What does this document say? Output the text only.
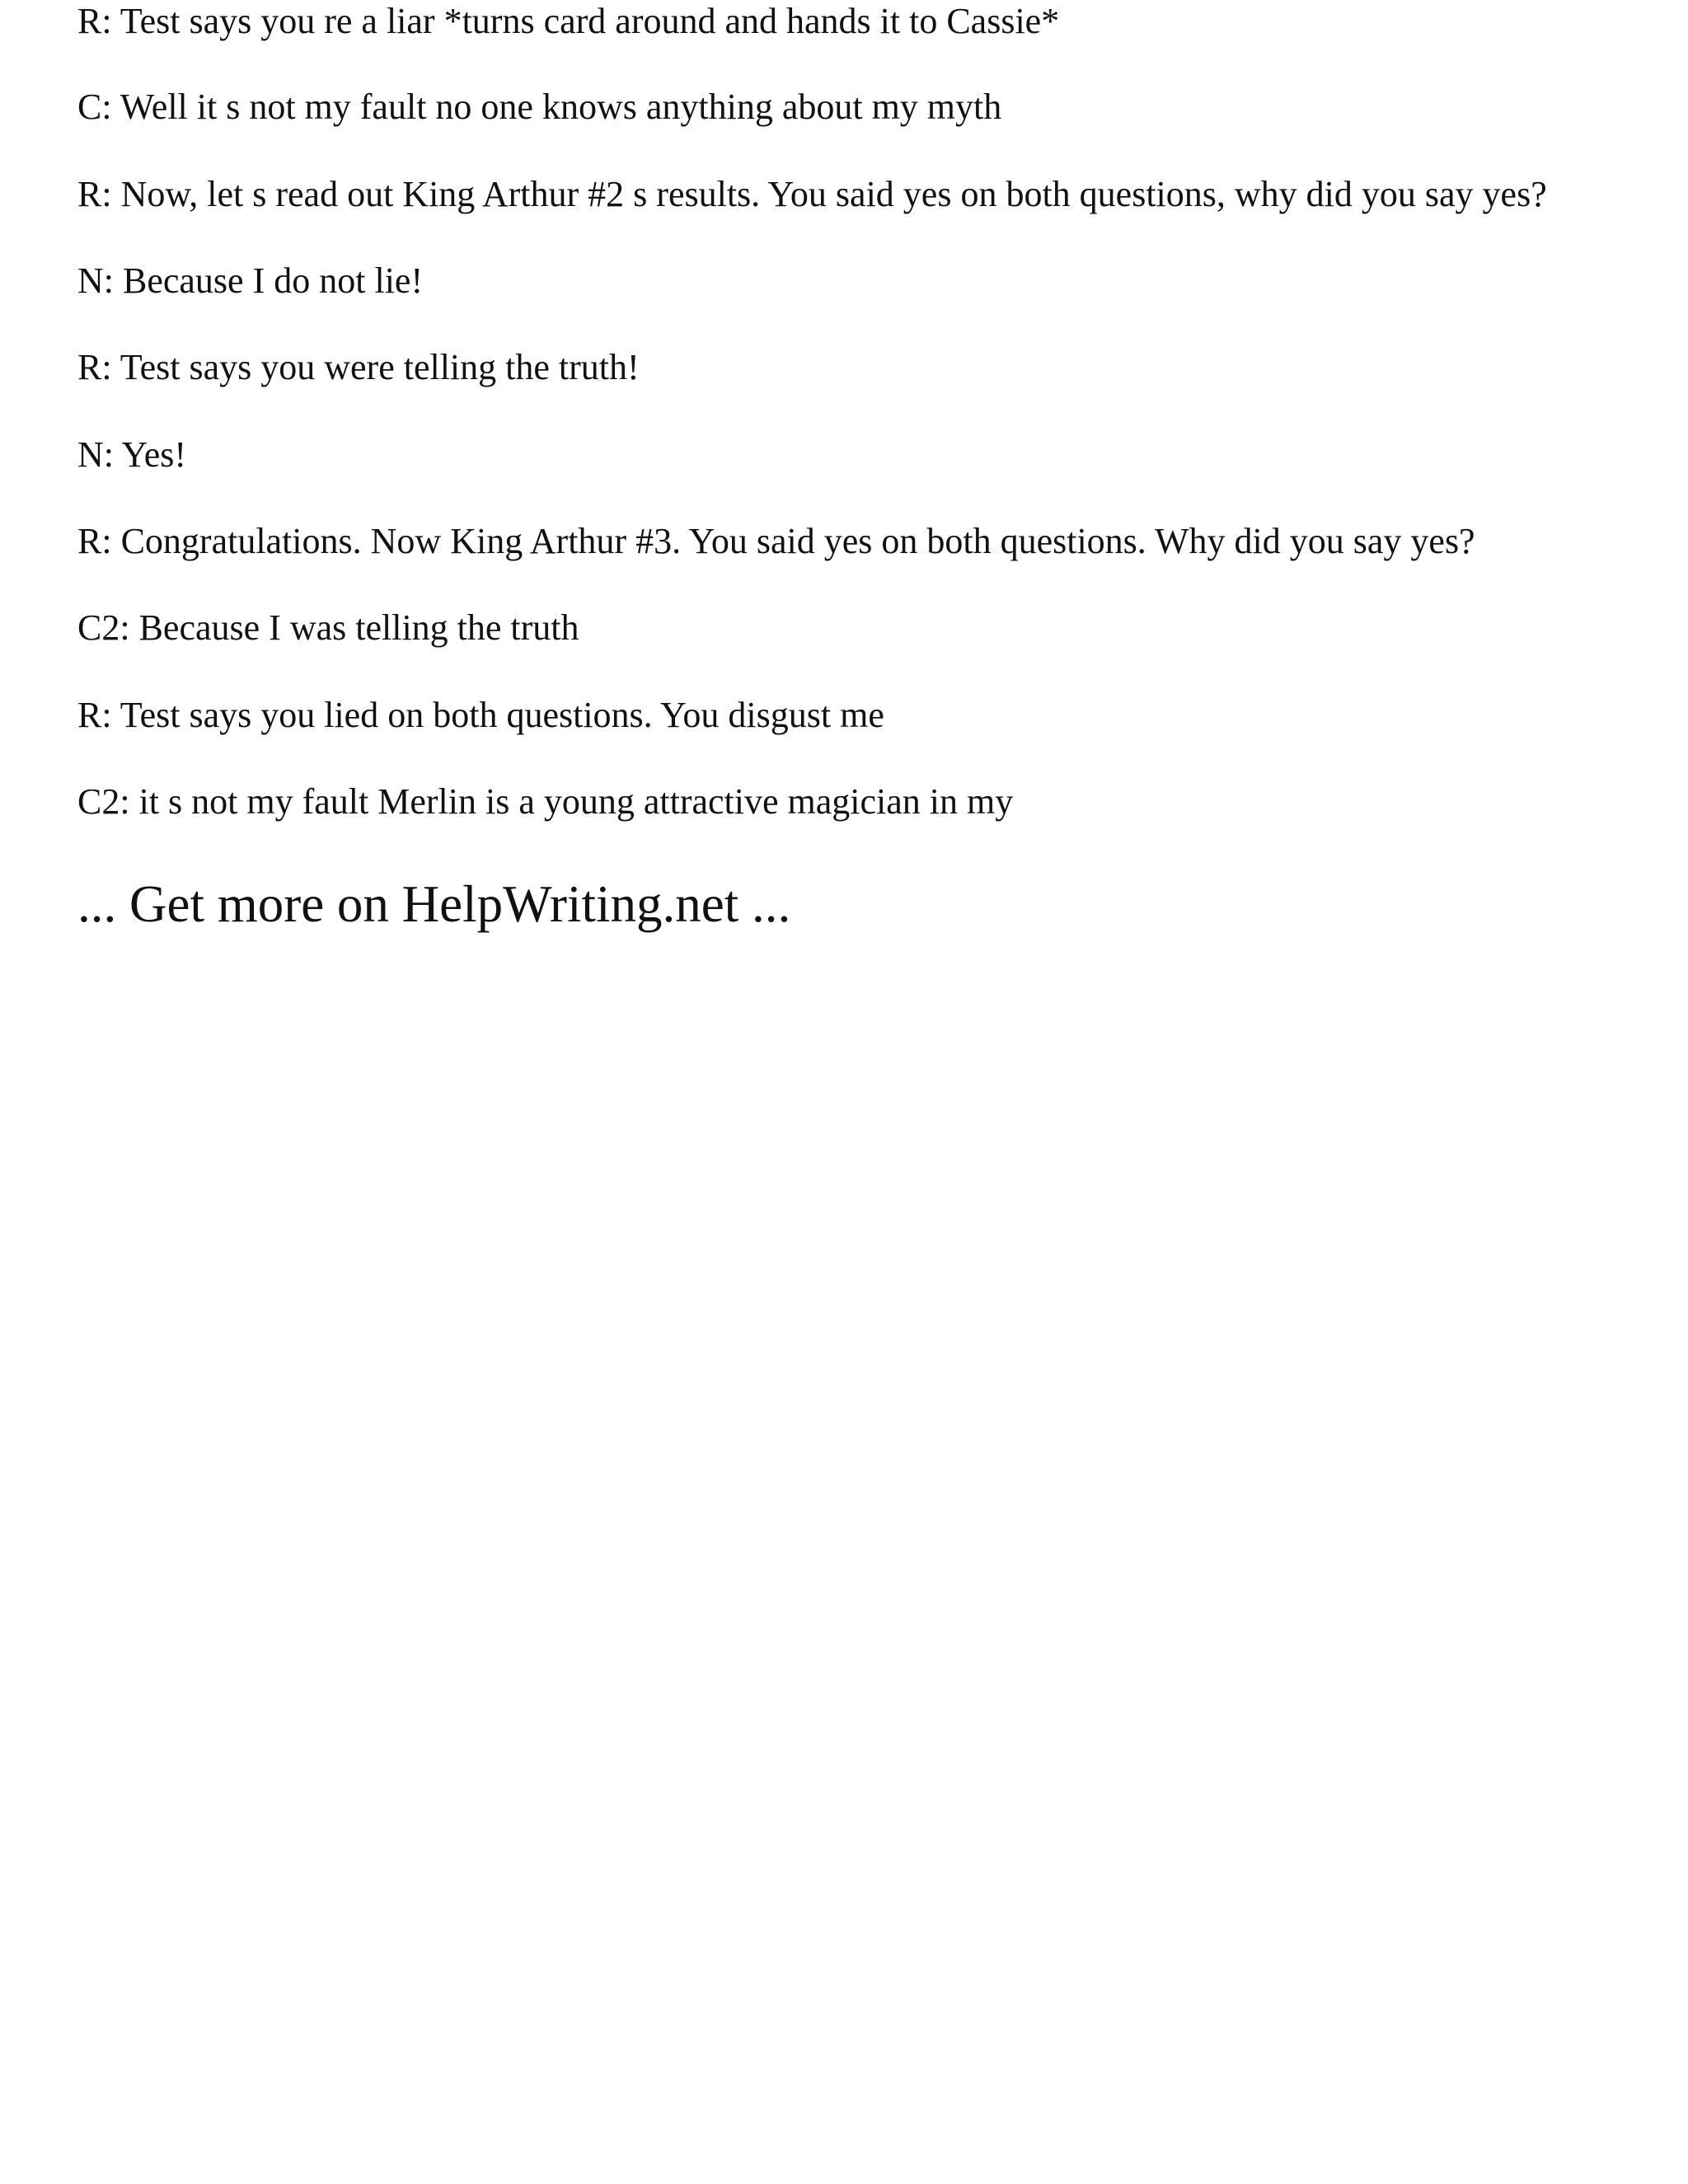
R: Test says you re a liar *turns card around and hands it to Cassie*
C: Well it s not my fault no one knows anything about my myth
R: Now, let s read out King Arthur #2 s results. You said yes on both questions, why did you say yes?
N: Because I do not lie!
R: Test says you were telling the truth!
N: Yes!
R: Congratulations. Now King Arthur #3. You said yes on both questions. Why did you say yes?
C2: Because I was telling the truth
R: Test says you lied on both questions. You disgust me
C2: it s not my fault Merlin is a young attractive magician in my
... Get more on HelpWriting.net ...
